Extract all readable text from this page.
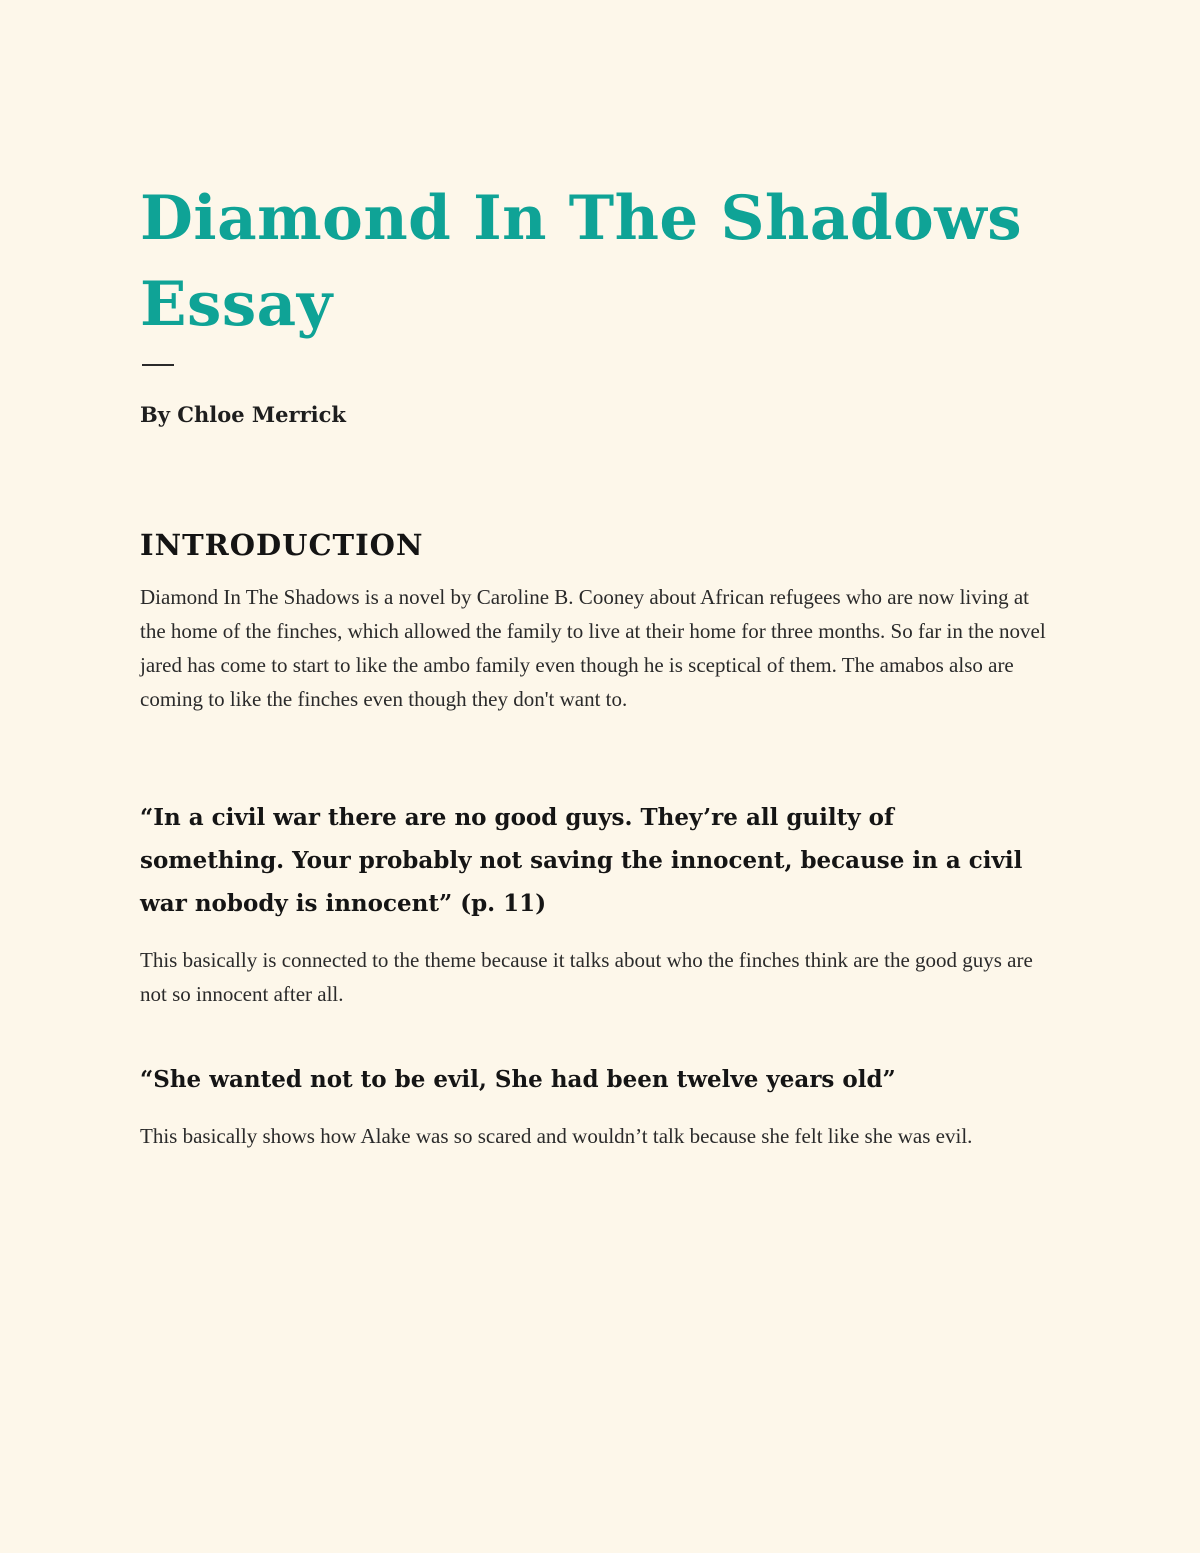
Diamond In The Shadows Essay

By Chloe Merrick

INTRODUCTION

Diamond In The Shadows is a novel by Caroline B. Cooney about African refugees who are now living at the home of the finches, which allowed the family to live at their home for three months. So far in the novel jared has come to start to like the ambo family even though he is sceptical of them. The amabos also are coming to like the finches even though they don't want to.

“In a civil war there are no good guys. They’re all guilty of something. Your probably not saving the innocent, because in a civil war nobody is innocent” (p. 11)

This basically is connected to the theme because it talks about who the finches think are the good guys are not so innocent after all.

“She wanted not to be evil, She had been twelve years old”

This basically shows how Alake was so scared and wouldn’t talk because she felt like she was evil.
